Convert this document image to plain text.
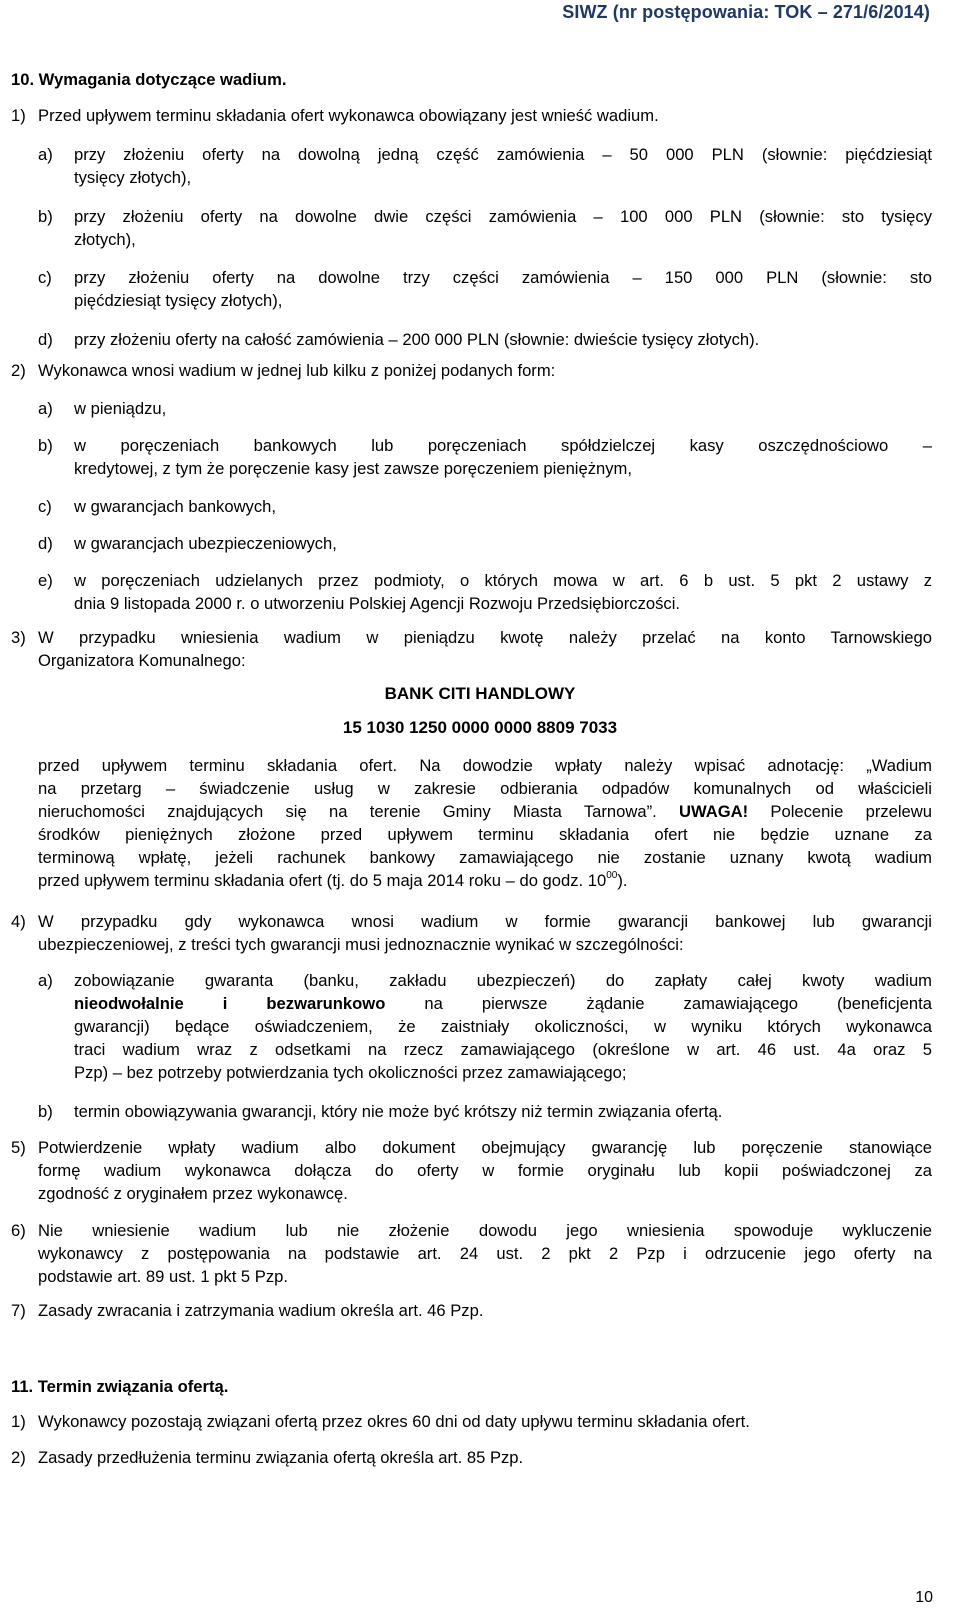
SIWZ (nr postępowania: TOK – 271/6/2014)
10. Wymagania dotyczące wadium.
1) Przed upływem terminu składania ofert wykonawca obowiązany jest wnieść wadium.
a) przy złożeniu oferty na dowolną jedną część zamówienia – 50 000 PLN (słownie: pięćdziesiąt
tysięcy złotych),
b) przy złożeniu oferty na dowolne dwie części zamówienia – 100 000 PLN (słownie: sto tysięcy
złotych),
c) przy złożeniu oferty na dowolne trzy części zamówienia – 150 000 PLN (słownie: sto
pięćdziesiąt tysięcy złotych),
d) przy złożeniu oferty na całość zamówienia – 200 000 PLN (słownie: dwieście tysięcy złotych).
2) Wykonawca wnosi wadium w jednej lub kilku z poniżej podanych form:
a) w pieniądzu,
b) w poręczeniach bankowych lub poręczeniach spółdzielczej kasy oszczędnościowo –
kredytowej, z tym że poręczenie kasy jest zawsze poręczeniem pieniężnym,
c) w gwarancjach bankowych,
d) w gwarancjach ubezpieczeniowych,
e) w poręczeniach udzielanych przez podmioty, o których mowa w art. 6 b ust. 5 pkt 2 ustawy z
dnia 9 listopada 2000 r. o utworzeniu Polskiej Agencji Rozwoju Przedsiębiorczości.
3) W przypadku wniesienia wadium w pieniądzu kwotę należy przelać na konto Tarnowskiego
Organizatora Komunalnego:
BANK CITI HANDLOWY
15 1030 1250 0000 0000 8809 7033
przed upływem terminu składania ofert. Na dowodzie wpłaty należy wpisać adnotację: „Wadium
na przetarg – świadczenie usług w zakresie odbierania odpadów komunalnych od właścicieli
nieruchomości znajdujących się na terenie Gminy Miasta Tarnowa”. UWAGA! Polecenie przelewu
środków pieniężnych złożone przed upływem terminu składania ofert nie będzie uznane za
terminową wpłatę, jeżeli rachunek bankowy zamawiającego nie zostanie uznany kwotą wadium
przed upływem terminu składania ofert (tj. do 5 maja 2014 roku – do godz. $10^{00}$).
4) W przypadku gdy wykonawca wnosi wadium w formie gwarancji bankowej lub gwarancji
ubezpieczeniowej, z treści tych gwarancji musi jednoznacznie wynikać w szczególności:
a) zobowiązanie gwaranta (banku, zakładu ubezpieczeń) do zapłaty całej kwoty wadium
nieodwołalnie i bezwarunkowo na pierwsze żądanie zamawiającego (beneficjenta
gwarancji) będące oświadczeniem, że zaistniały okoliczności, w wyniku których wykonawca
traci wadium wraz z odsetkami na rzecz zamawiającego (określone w art. 46 ust. 4a oraz 5
Pzp) – bez potrzeby potwierdzania tych okoliczności przez zamawiającego;
b) termin obowiązywania gwarancji, który nie może być krótszy niż termin związania ofertą.
5) Potwierdzenie wpłaty wadium albo dokument obejmujący gwarancję lub poręczenie stanowiące
formę wadium wykonawca dołącza do oferty w formie oryginału lub kopii poświadczonej za
zgodność z oryginałem przez wykonawcę.
6) Nie wniesienie wadium lub nie złożenie dowodu jego wniesienia spowoduje wykluczenie
wykonawcy z postępowania na podstawie art. 24 ust. 2 pkt 2 Pzp i odrzucenie jego oferty na
podstawie art. 89 ust. 1 pkt 5 Pzp.
7) Zasady zwracania i zatrzymania wadium określa art. 46 Pzp.
11. Termin związania ofertą.
1) Wykonawcy pozostają związani ofertą przez okres 60 dni od daty upływu terminu składania ofert.
2) Zasady przedłużenia terminu związania ofertą określa art. 85 Pzp.
10
